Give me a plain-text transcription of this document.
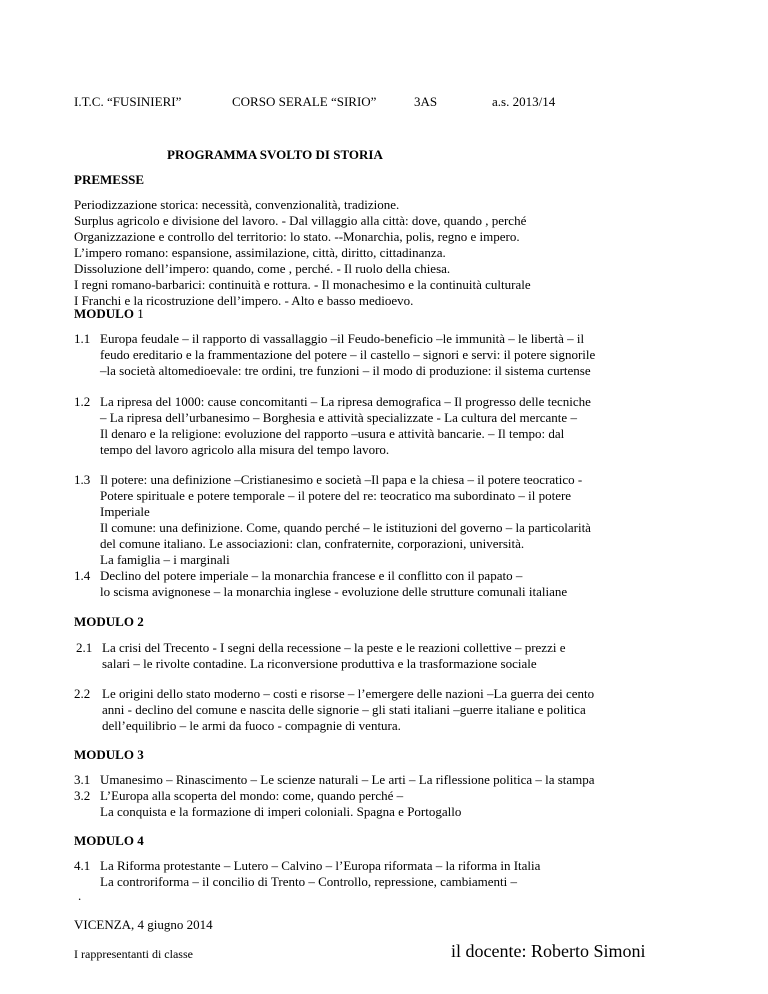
I.T.C. “FUSINIERI”	CORSO SERALE “SIRIO”	3AS	a.s. 2013/14
PROGRAMMA SVOLTO DI STORIA
PREMESSE
Periodizzazione storica: necessità, convenzionalità, tradizione.
Surplus agricolo e divisione del lavoro. - Dal villaggio alla città: dove, quando , perché
Organizzazione e controllo del territorio: lo stato. --Monarchia, polis, regno e impero.
L’impero romano: espansione, assimilazione, città, diritto, cittadinanza.
Dissoluzione dell’impero: quando, come , perché. - Il ruolo della chiesa.
I regni romano-barbarici: continuità e rottura. - Il monachesimo e la continuità culturale
I Franchi e la ricostruzione dell’impero. - Alto e basso medioevo.
MODULO 1
1.1 Europa feudale – il rapporto di vassallaggio –il Feudo-beneficio –le immunità – le libertà – il
feudo ereditario e la frammentazione del potere – il castello – signori e servi: il potere signorile
–la società altomedioevale: tre ordini, tre funzioni – il modo di produzione: il sistema curtense
1.2 La ripresa del 1000: cause concomitanti – La ripresa demografica – Il progresso delle tecniche
– La ripresa dell’urbanesimo – Borghesia e attività specializzate - La cultura del mercante –
Il denaro e la religione: evoluzione del rapporto –usura e attività bancarie. – Il tempo: dal
tempo del lavoro agricolo alla misura del tempo lavoro.
1.3 Il potere: una definizione –Cristianesimo e società –Il papa e la chiesa – il potere teocratico -
Potere spirituale e potere temporale – il potere del re: teocratico ma subordinato – il potere
Imperiale
Il comune: una definizione. Come, quando perché – le istituzioni del governo – la particolarità
del comune italiano. Le associazioni: clan, confraternite, corporazioni, università.
La famiglia – i marginali
1.4 Declino del potere imperiale – la monarchia francese e il conflitto con il papato –
lo scisma avignonese – la monarchia inglese - evoluzione delle strutture comunali italiane
MODULO 2
2.1 La crisi del Trecento - I segni della recessione – la peste e le reazioni collettive – prezzi e
salari – le rivolte contadine. La riconversione produttiva e la trasformazione sociale
2.2 Le origini dello stato moderno – costi e risorse – l’emergere delle nazioni –La guerra dei cento
anni - declino del comune e nascita delle signorie – gli stati italiani –guerre italiane e politica
dell’equilibrio – le armi da fuoco - compagnie di ventura.
MODULO 3
3.1 Umanesimo – Rinascimento – Le scienze naturali – Le arti – La riflessione politica – la stampa
3.2 L’Europa alla scoperta del mondo: come, quando perché –
La conquista e la formazione di imperi coloniali. Spagna e Portogallo
MODULO 4
4.1 La Riforma protestante – Lutero – Calvino – l’Europa riformata – la riforma in Italia
La controriforma – il concilio di Trento – Controllo, repressione, cambiamenti –
.
VICENZA, 4 giugno 2014
I rappresentanti di classe	il docente: Roberto Simoni
